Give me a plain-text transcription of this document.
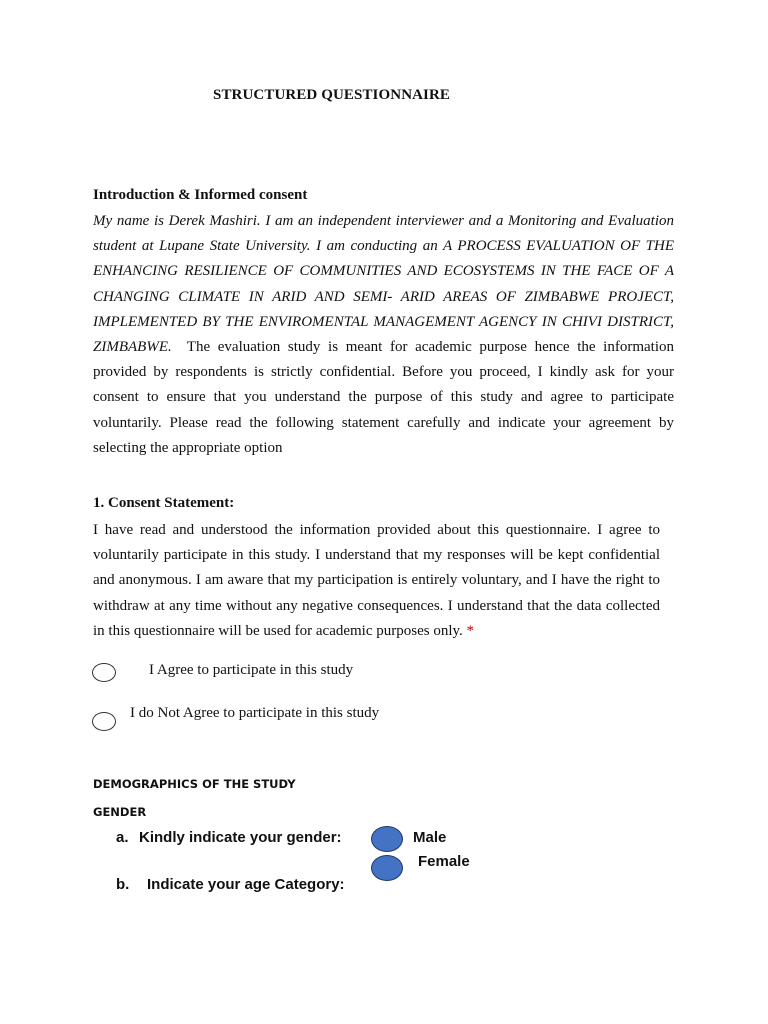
STRUCTURED QUESTIONNAIRE
Introduction & Informed consent
My name is Derek Mashiri. I am an independent interviewer and a Monitoring and Evaluation student at Lupane State University. I am conducting an A PROCESS EVALUATION OF THE ENHANCING RESILIENCE OF COMMUNITIES AND ECOSYSTEMS IN THE FACE OF A CHANGING CLIMATE IN ARID AND SEMI- ARID AREAS OF ZIMBABWE PROJECT, IMPLEMENTED BY THE ENVIROMENTAL MANAGEMENT AGENCY IN CHIVI DISTRICT, ZIMBABWE. The evaluation study is meant for academic purpose hence the information provided by respondents is strictly confidential. Before you proceed, I kindly ask for your consent to ensure that you understand the purpose of this study and agree to participate voluntarily. Please read the following statement carefully and indicate your agreement by selecting the appropriate option
1. Consent Statement:
I have read and understood the information provided about this questionnaire. I agree to voluntarily participate in this study. I understand that my responses will be kept confidential and anonymous. I am aware that my participation is entirely voluntary, and I have the right to withdraw at any time without any negative consequences. I understand that the data collected in this questionnaire will be used for academic purposes only. *
I Agree to participate in this study
I do Not Agree to participate in this study
DEMOGRAPHICS OF THE STUDY
GENDER
a. Kindly indicate your gender:	Male
Female
b. Indicate your age Category:
